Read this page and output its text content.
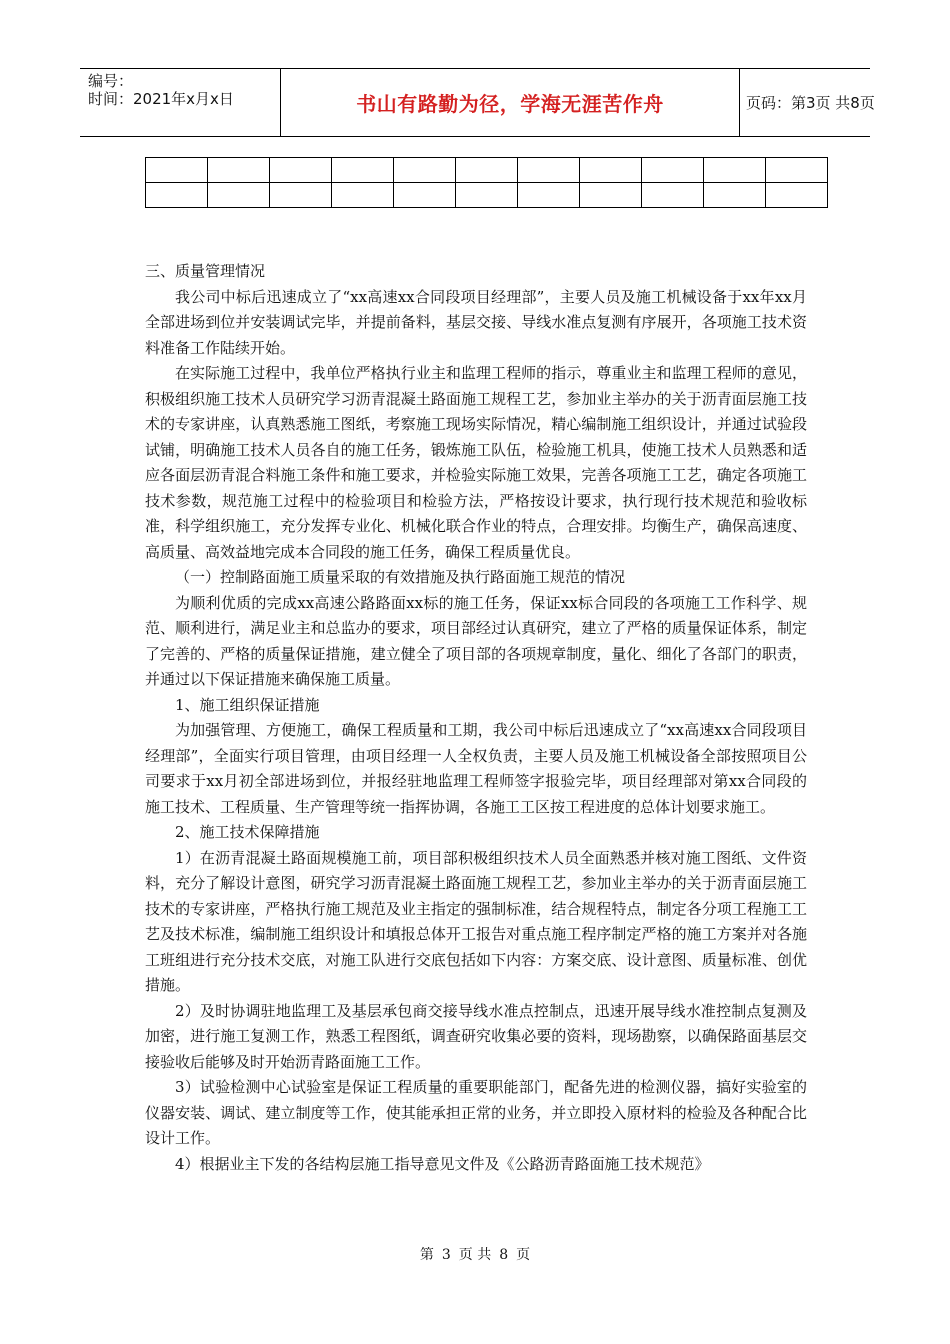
编号：
时间：2021年x月x日	书山有路勤为径，学海无涯苦作舟	页码：第3页 共8页

三、质量管理情况

我公司中标后迅速成立了“xx高速xx合同段项目经理部”，主要人员及施工机械设备于xx年xx月全部进场到位并安装调试完毕，并提前备料，基层交接、导线水准点复测有序展开，各项施工技术资料准备工作陆续开始。

在实际施工过程中，我单位严格执行业主和监理工程师的指示，尊重业主和监理工程师的意见，积极组织施工技术人员研究学习沥青混凝土路面施工规程工艺，参加业主举办的关于沥青面层施工技术的专家讲座，认真熟悉施工图纸，考察施工现场实际情况，精心编制施工组织设计，并通过试验段试铺，明确施工技术人员各自的施工任务，锻炼施工队伍，检验施工机具，使施工技术人员熟悉和适应各面层沥青混合料施工条件和施工要求，并检验实际施工效果，完善各项施工工艺，确定各项施工技术参数，规范施工过程中的检验项目和检验方法，严格按设计要求，执行现行技术规范和验收标准，科学组织施工，充分发挥专业化、机械化联合作业的特点，合理安排。均衡生产，确保高速度、高质量、高效益地完成本合同段的施工任务，确保工程质量优良。

（一）控制路面施工质量采取的有效措施及执行路面施工规范的情况

为顺利优质的完成xx高速公路路面xx标的施工任务，保证xx标合同段的各项施工工作科学、规范、顺利进行，满足业主和总监办的要求，项目部经过认真研究，建立了严格的质量保证体系，制定了完善的、严格的质量保证措施，建立健全了项目部的各项规章制度，量化、细化了各部门的职责，并通过以下保证措施来确保施工质量。

1、施工组织保证措施

为加强管理、方便施工，确保工程质量和工期，我公司中标后迅速成立了“xx高速xx合同段项目经理部”，全面实行项目管理，由项目经理一人全权负责，主要人员及施工机械设备全部按照项目公司要求于xx月初全部进场到位，并报经驻地监理工程师签字报验完毕，项目经理部对第xx合同段的施工技术、工程质量、生产管理等统一指挥协调，各施工工区按工程进度的总体计划要求施工。

2、施工技术保障措施

1）在沥青混凝土路面规模施工前，项目部积极组织技术人员全面熟悉并核对施工图纸、文件资料，充分了解设计意图，研究学习沥青混凝土路面施工规程工艺，参加业主举办的关于沥青面层施工技术的专家讲座，严格执行施工规范及业主指定的强制标准，结合规程特点，制定各分项工程施工工艺及技术标准，编制施工组织设计和填报总体开工报告对重点施工程序制定严格的施工方案并对各施工班组进行充分技术交底，对施工队进行交底包括如下内容：方案交底、设计意图、质量标准、创优措施。

2）及时协调驻地监理工及基层承包商交接导线水准点控制点，迅速开展导线水准控制点复测及加密，进行施工复测工作，熟悉工程图纸，调查研究收集必要的资料，现场勘察，以确保路面基层交接验收后能够及时开始沥青路面施工工作。

3）试验检测中心试验室是保证工程质量的重要职能部门，配备先进的检测仪器，搞好实验室的仪器安装、调试、建立制度等工作，使其能承担正常的业务，并立即投入原材料的检验及各种配合比设计工作。

4）根据业主下发的各结构层施工指导意见文件及《公路沥青路面施工技术规范》

第 3 页 共 8 页
